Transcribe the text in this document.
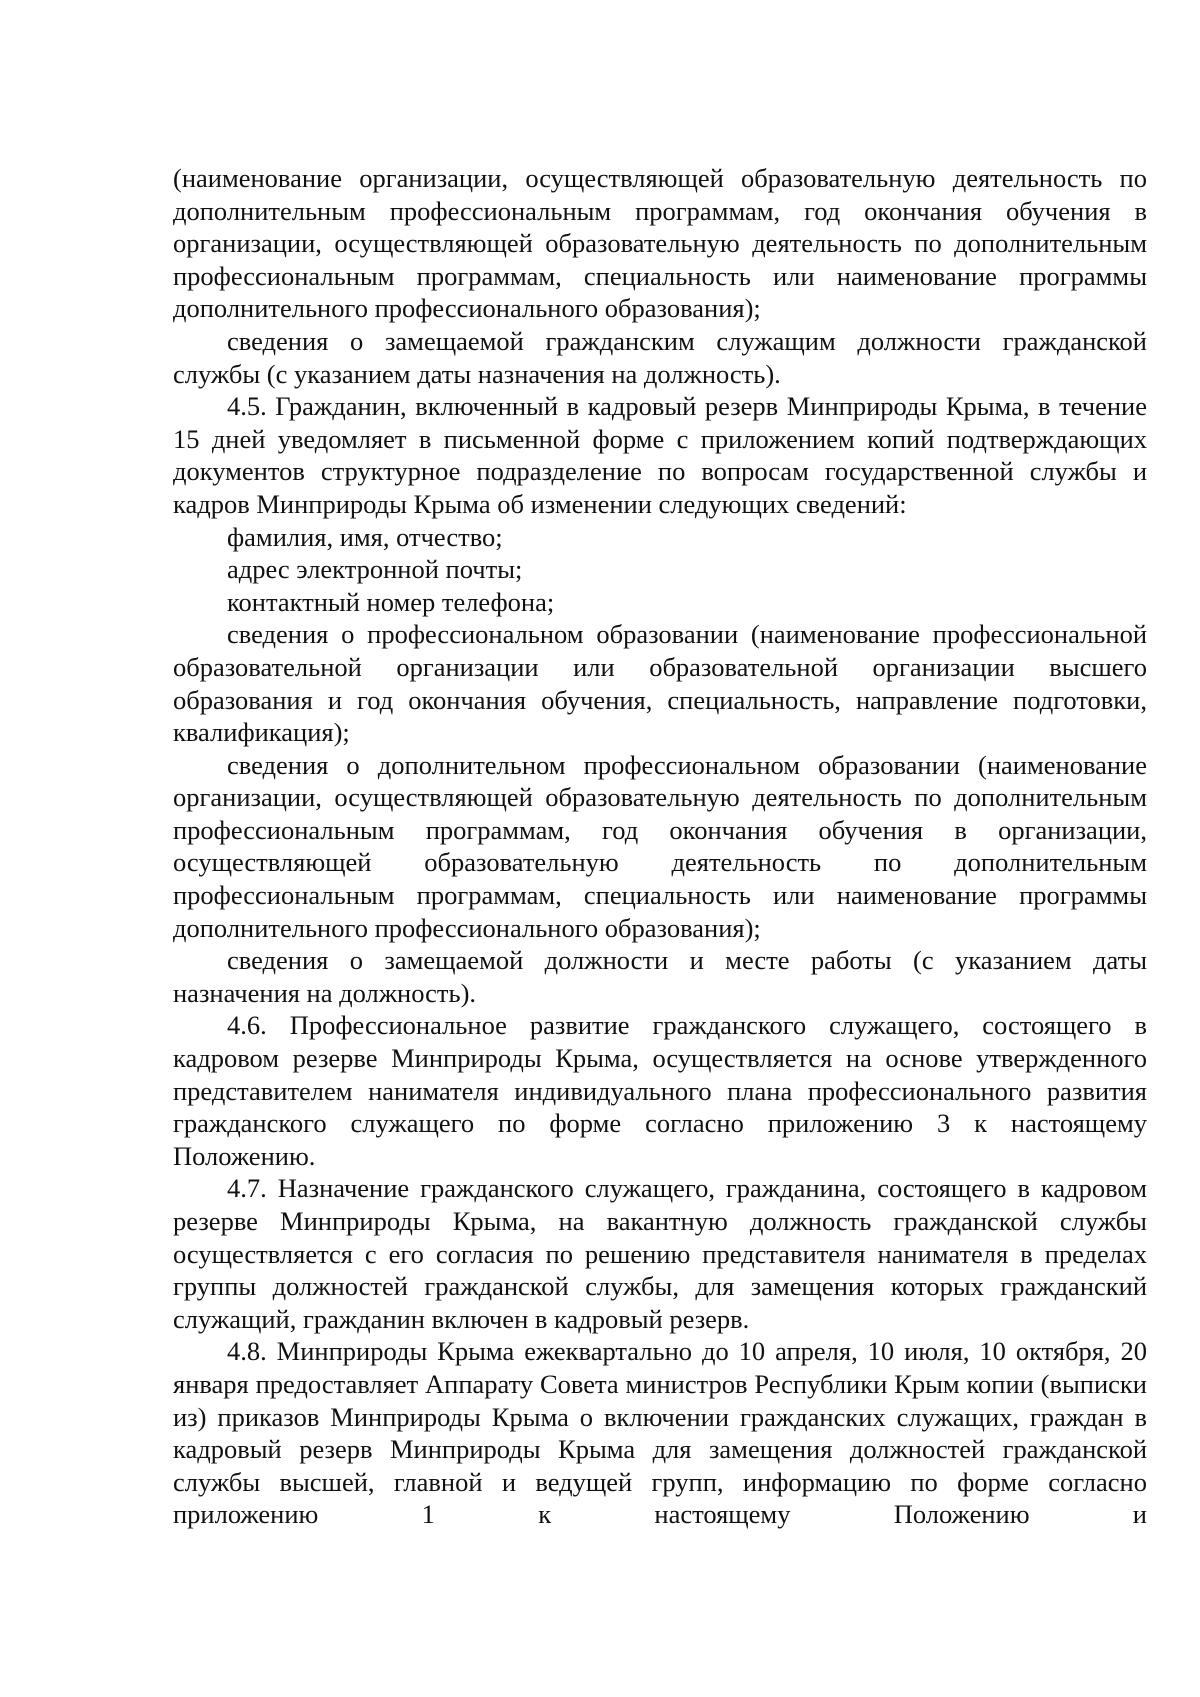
(наименование организации, осуществляющей образовательную деятельность по дополнительным профессиональным программам, год окончания обучения в организации, осуществляющей образовательную деятельность по дополнительным профессиональным программам, специальность или наименование программы дополнительного профессионального образования);

сведения о замещаемой гражданским служащим должности гражданской службы (с указанием даты назначения на должность).

4.5. Гражданин, включенный в кадровый резерв Минприроды Крыма, в течение 15 дней уведомляет в письменной форме с приложением копий подтверждающих документов структурное подразделение по вопросам государственной службы и кадров Минприроды Крыма об изменении следующих сведений:

фамилия, имя, отчество;

адрес электронной почты;

контактный номер телефона;

сведения о профессиональном образовании (наименование профессиональной образовательной организации или образовательной организации высшего образования и год окончания обучения, специальность, направление подготовки, квалификация);

сведения о дополнительном профессиональном образовании (наименование организации, осуществляющей образовательную деятельность по дополнительным профессиональным программам, год окончания обучения в организации, осуществляющей образовательную деятельность по дополнительным профессиональным программам, специальность или наименование программы дополнительного профессионального образования);

сведения о замещаемой должности и месте работы (с указанием даты назначения на должность).

4.6. Профессиональное развитие гражданского служащего, состоящего в кадровом резерве Минприроды Крыма, осуществляется на основе утвержденного представителем нанимателя индивидуального плана профессионального развития гражданского служащего по форме согласно приложению 3 к настоящему Положению.

4.7. Назначение гражданского служащего, гражданина, состоящего в кадровом резерве Минприроды Крыма, на вакантную должность гражданской службы осуществляется с его согласия по решению представителя нанимателя в пределах группы должностей гражданской службы, для замещения которых гражданский служащий, гражданин включен в кадровый резерв.

4.8. Минприроды Крыма ежеквартально до 10 апреля, 10 июля, 10 октября, 20 января предоставляет Аппарату Совета министров Республики Крым копии (выписки из) приказов Минприроды Крыма о включении гражданских служащих, граждан в кадровый резерв Минприроды Крыма для замещения должностей гражданской службы высшей, главной и ведущей групп, информацию по форме согласно приложению 1 к настоящему Положению и
